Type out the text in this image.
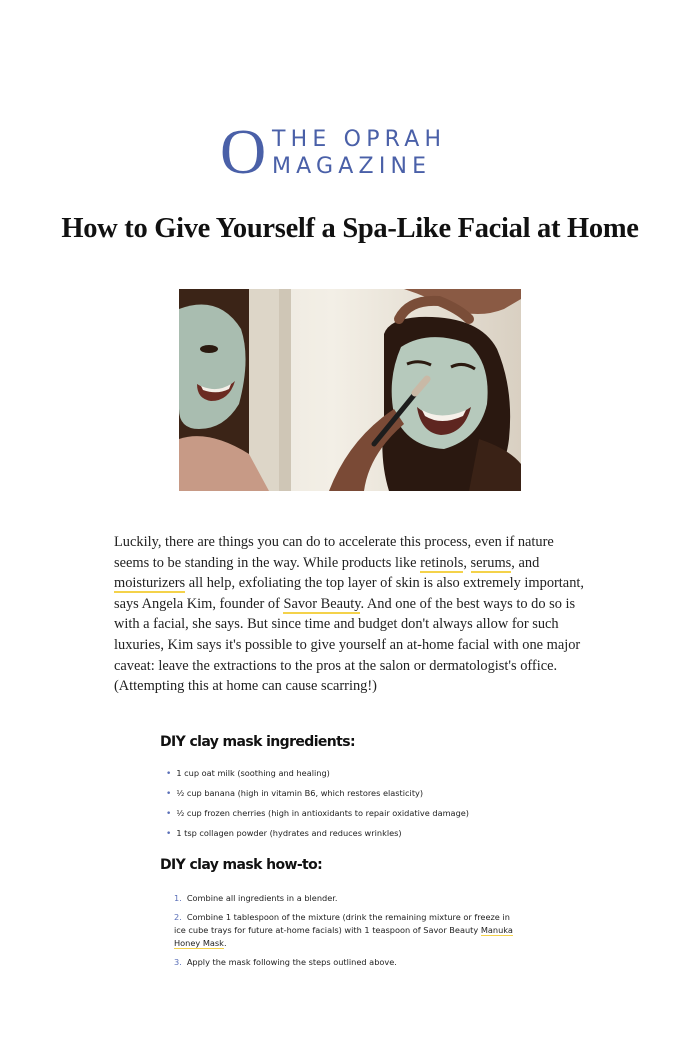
O THE OPRAH
MAGAZINE
How to Give Yourself a Spa-Like Facial at Home

Luckily, there are things you can do to accelerate this process, even if nature seems to be standing in the way. While products like retinols, serums, and moisturizers all help, exfoliating the top layer of skin is also extremely important, says Angela Kim, founder of Savor Beauty. And one of the best ways to do so is with a facial, she says. But since time and budget don't always allow for such luxuries, Kim says it's possible to give yourself an at-home facial with one major caveat: leave the extractions to the pros at the salon or dermatologist's office. (Attempting this at home can cause scarring!)

DIY clay mask ingredients:
• 1 cup oat milk (soothing and healing)
• ½ cup banana (high in vitamin B6, which restores elasticity)
• ½ cup frozen cherries (high in antioxidants to repair oxidative damage)
• 1 tsp collagen powder (hydrates and reduces wrinkles)
DIY clay mask how-to:
1. Combine all ingredients in a blender.
2. Combine 1 tablespoon of the mixture (drink the remaining mixture or freeze in ice cube trays for future at-home facials) with 1 teaspoon of Savor Beauty Manuka Honey Mask.
3. Apply the mask following the steps outlined above.
